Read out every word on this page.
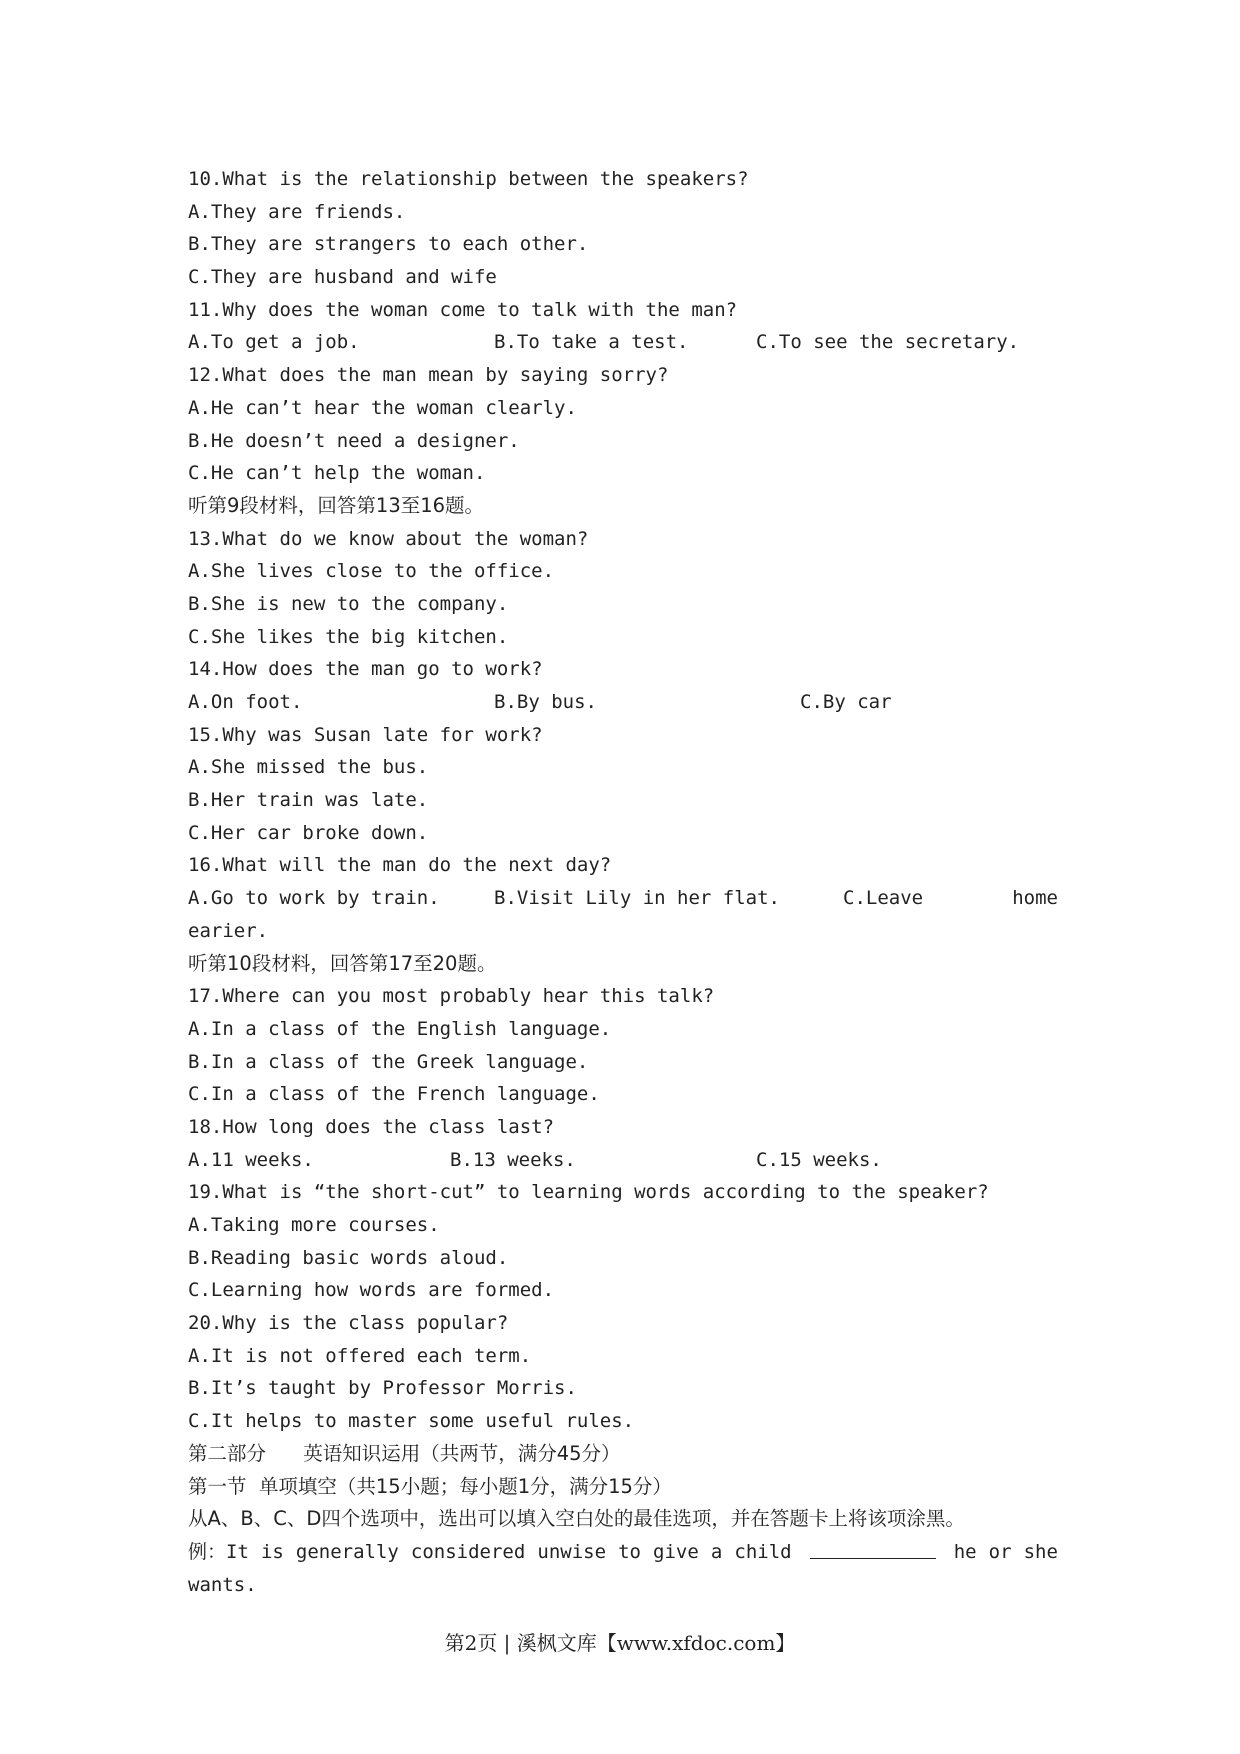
10.What is the relationship between the speakers?
A.They are friends.
B.They are strangers to each other.
C.They are husband and wife
11.Why does the woman come to talk with the man?

A.To get a job.

	B.To take a test.

	C.To see the secretary.

12.What does the man mean by saying sorry?
A.He can’t hear the woman clearly.
B.He doesn’t need a designer.
C.He can’t help the woman.
听第9段材料，回答第13至16题。
13.What do we know about the woman?
A.She lives close to the office.
B.She is new to the company.
C.She likes the big kitchen.
14.How does the man go to work?

A.On foot.

	B.By bus.

	C.By car

15.Why was Susan late for work?
A.She missed the bus.
B.Her train was late.
C.Her car broke down.
16.What will the man do the next day?

A.Go to work by train.

	B.Visit Lily in her flat.

	C.Leave

	home

earier.
听第10段材料，回答第17至20题。
17.Where can you most probably hear this talk?
A.In a class of the English language.
B.In a class of the Greek language.
C.In a class of the French language.
18.How long does the class last?

A.11 weeks.

	B.13 weeks.

	C.15 weeks.

19.What is “the short-cut” to learning words according to the speaker?
A.Taking more courses.
B.Reading basic words aloud.
C.Learning how words are formed.
20.Why is the class popular?
A.It is not offered each term.
B.It’s taught by Professor Morris.
C.It helps to master some useful rules.
第二部分      英语知识运用（共两节，满分45分）
第一节  单项填空（共15小题；每小题1分，满分15分）
从A、B、C、D四个选项中，选出可以填入空白处的最佳选项，并在答题卡上将该项涂黑。
例：It is generally considered unwise to give a child	he or she
wants.
第2页 | 溪枫文库【www.xfdoc.com】
